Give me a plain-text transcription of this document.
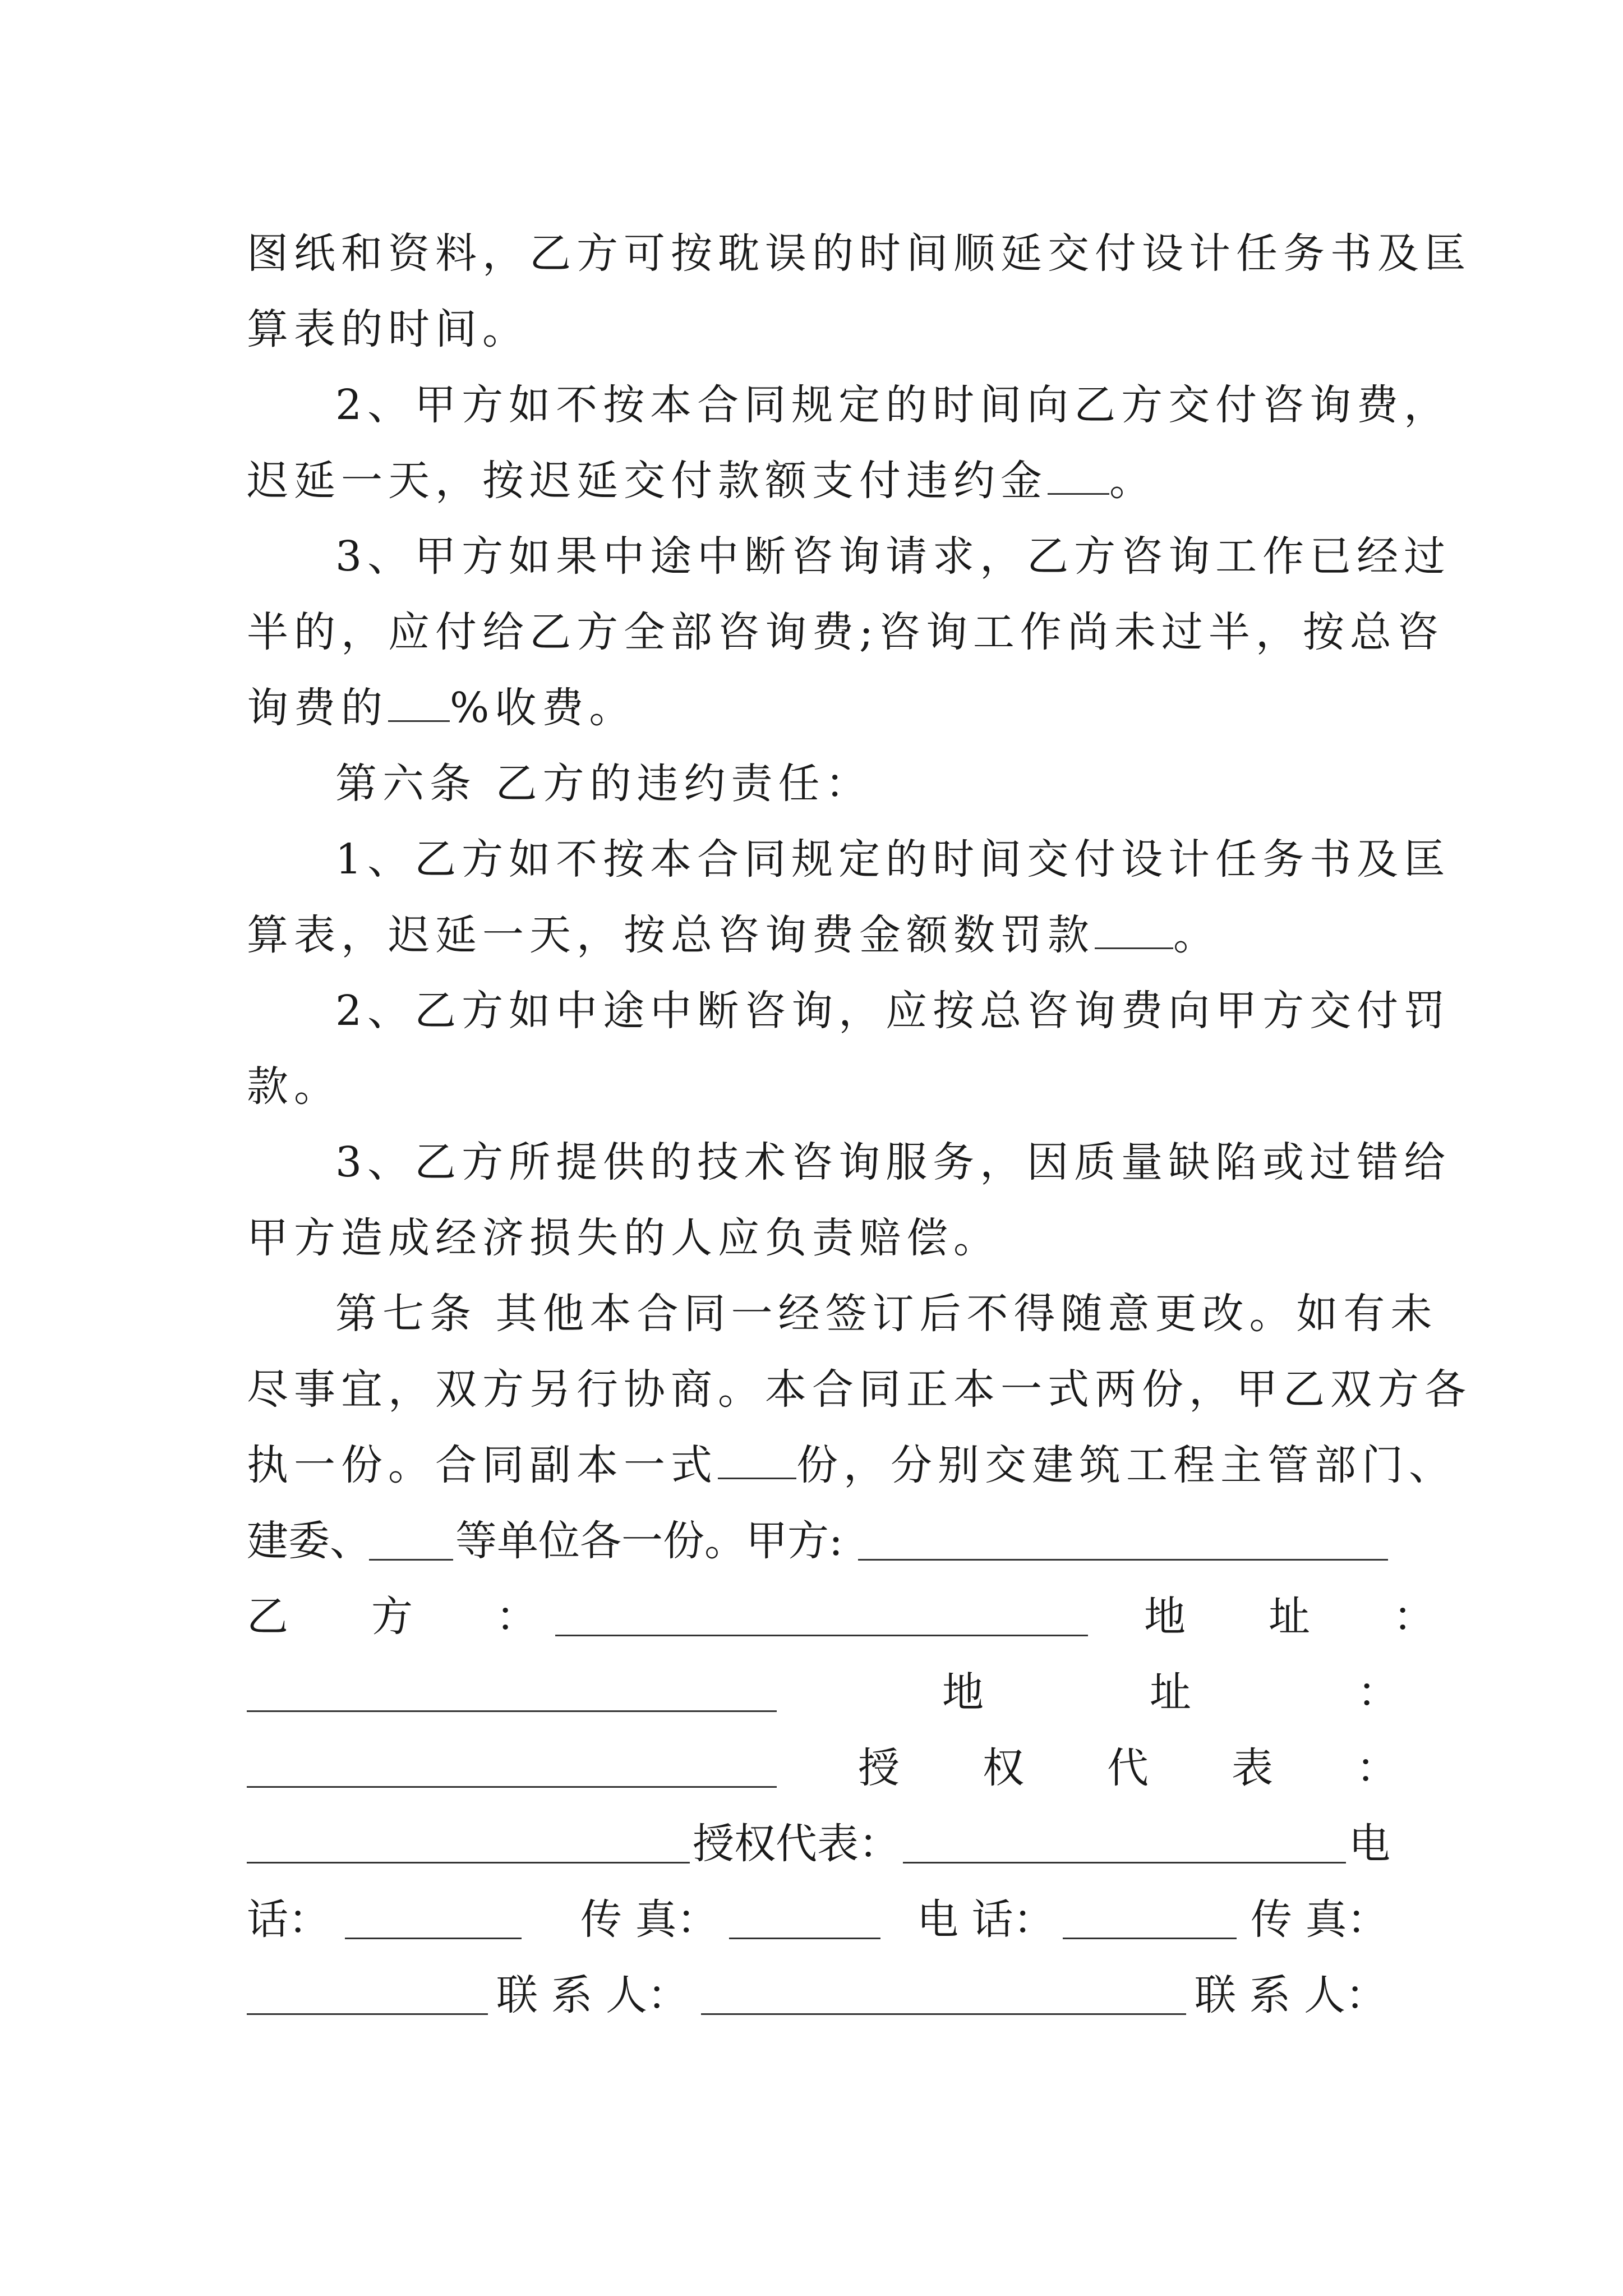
图纸和资料，乙方可按耽误的时间顺延交付设计任务书及匡
算表的时间。
2、甲方如不按本合同规定的时间向乙方交付咨询费，
迟延一天，按迟延交付款额支付违约金 。
3、甲方如果中途中断咨询请求，乙方咨询工作已经过
半的，应付给乙方全部咨询费;咨询工作尚未过半，按总咨
询费的 %收费。
第六条 乙方的违约责任：
1、乙方如不按本合同规定的时间交付设计任务书及匡
算表，迟延一天，按总咨询费金额数罚款 。
2、乙方如中途中断咨询，应按总咨询费向甲方交付罚
款。
3、乙方所提供的技术咨询服务，因质量缺陷或过错给
甲方造成经济损失的人应负责赔偿。
第七条 其他本合同一经签订后不得随意更改。如有未
尽事宜，双方另行协商。本合同正本一式两份，甲乙双方各
执一份。合同副本一式 份，分别交建筑工程主管部门、
建委、 等单位各一份。甲方:
乙　　方　　：	地　　址　　：
地　　　　址　　　　：
授　　权　　代　　表　　：
授权代表：	电
话：	传 真：	电 话：	传 真：
联 系 人：	联 系 人：
